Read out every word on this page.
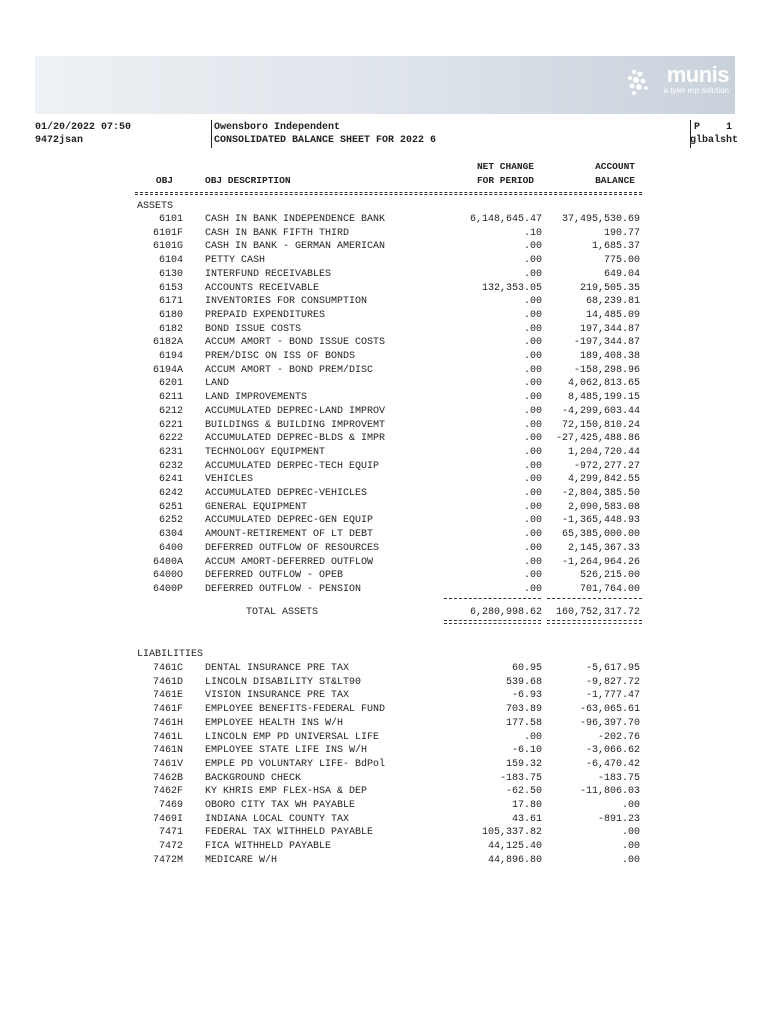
munis
a tyler erp solution
01/20/2022 07:50
9472jsan
Owensboro Independent
CONSOLIDATED BALANCE SHEET FOR 2022 6
P	1
glbalsht
OBJ	OBJ DESCRIPTION
NET CHANGE
FOR PERIOD
ACCOUNT
BALANCE
ASSETS
6101 CASH IN BANK INDEPENDENCE BANK	6,148,645.47 37,495,530.69
6101F CASH IN BANK FIFTH THIRD	.10	190.77
6101G CASH IN BANK - GERMAN AMERICAN	.00	1,685.37
6104 PETTY CASH	.00	775.00
6130 INTERFUND RECEIVABLES	.00	649.04
6153 ACCOUNTS RECEIVABLE	132,353.05	219,505.35
6171 INVENTORIES FOR CONSUMPTION	.00	68,239.81
6180 PREPAID EXPENDITURES	.00	14,485.09
6182 BOND ISSUE COSTS	.00	197,344.87
6182A ACCUM AMORT - BOND ISSUE COSTS	.00	-197,344.87
6194 PREM/DISC ON ISS OF BONDS	.00	189,408.38
6194A ACCUM AMORT - BOND PREM/DISC	.00	-158,298.96
6201 LAND	.00	4,062,813.65
6211 LAND IMPROVEMENTS	.00	8,485,199.15
6212 ACCUMULATED DEPREC-LAND IMPROV	.00 -4,299,603.44
6221 BUILDINGS & BUILDING IMPROVEMT	.00 72,150,810.24
6222 ACCUMULATED DEPREC-BLDS & IMPR	.00 -27,425,488.86
6231 TECHNOLOGY EQUIPMENT	.00	1,204,720.44
6232 ACCUMULATED DERPEC-TECH EQUIP	.00	-972,277.27
6241 VEHICLES	.00	4,299,842.55
6242 ACCUMULATED DEPREC-VEHICLES	.00 -2,804,385.50
6251 GENERAL EQUIPMENT	.00	2,090,583.08
6252 ACCUMULATED DEPREC-GEN EQUIP	.00 -1,365,448.93
6304 AMOUNT-RETIREMENT OF LT DEBT	.00 65,385,000.00
6400 DEFERRED OUTFLOW OF RESOURCES	.00	2,145,367.33
6400A ACCUM AMORT-DEFERRED OUTFLOW	.00 -1,264,964.26
6400O DEFERRED OUTFLOW - OPEB	.00	526,215.00
6400P DEFERRED OUTFLOW - PENSION	.00	701,764.00
TOTAL ASSETS	6,280,998.62 160,752,317.72
LIABILITIES
7461C DENTAL INSURANCE PRE TAX	60.95	-5,617.95
7461D LINCOLN DISABILITY ST&LT90	539.68	-9,827.72
7461E VISION INSURANCE PRE TAX	-6.93	-1,777.47
7461F EMPLOYEE BENEFITS-FEDERAL FUND	703.89	-63,065.61
7461H EMPLOYEE HEALTH INS W/H	177.58	-96,397.70
7461L LINCOLN EMP PD UNIVERSAL LIFE	.00	-202.76
7461N EMPLOYEE STATE LIFE INS W/H	-6.10	-3,066.62
7461V EMPLE PD VOLUNTARY LIFE- BdPol	159.32	-6,470.42
7462B BACKGROUND CHECK	-183.75	-183.75
7462F KY KHRIS EMP FLEX-HSA & DEP	-62.50	-11,806.03
7469 OBORO CITY TAX WH PAYABLE	17.80	.00
7469I INDIANA LOCAL COUNTY TAX	43.61	-891.23
7471 FEDERAL TAX WITHHELD PAYABLE	105,337.82	.00
7472 FICA WITHHELD PAYABLE	44,125.40	.00
7472M MEDICARE W/H	44,896.80	.00
